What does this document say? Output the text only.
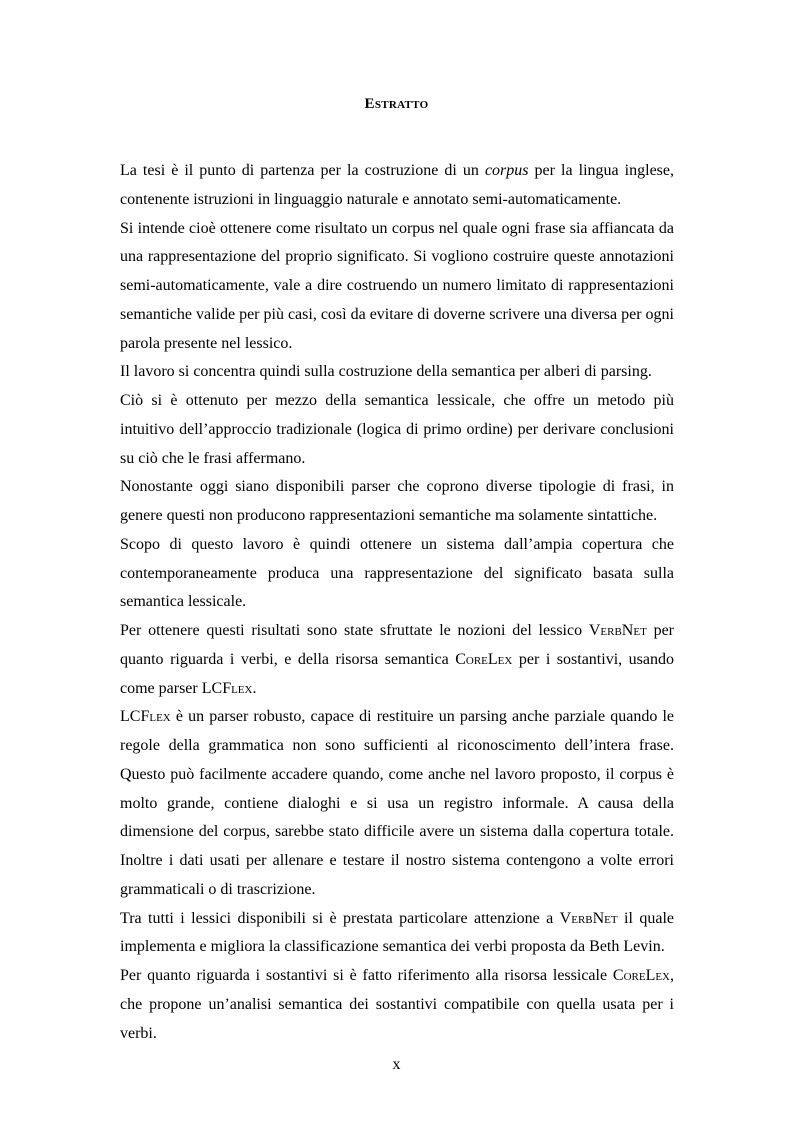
Estratto

La tesi è il punto di partenza per la costruzione di un corpus per la lingua inglese, contenente istruzioni in linguaggio naturale e annotato semi-automaticamente.

Si intende cioè ottenere come risultato un corpus nel quale ogni frase sia affiancata da una rappresentazione del proprio significato. Si vogliono costruire queste annotazioni semi-automaticamente, vale a dire costruendo un numero limitato di rappresentazioni semantiche valide per più casi, così da evitare di doverne scrivere una diversa per ogni parola presente nel lessico.

Il lavoro si concentra quindi sulla costruzione della semantica per alberi di parsing.

Ciò si è ottenuto per mezzo della semantica lessicale, che offre un metodo più intuitivo dell’approccio tradizionale (logica di primo ordine) per derivare conclusioni su ciò che le frasi affermano.

Nonostante oggi siano disponibili parser che coprono diverse tipologie di frasi, in genere questi non producono rappresentazioni semantiche ma solamente sintattiche.

Scopo di questo lavoro è quindi ottenere un sistema dall’ampia copertura che contemporaneamente produca una rappresentazione del significato basata sulla semantica lessicale.

Per ottenere questi risultati sono state sfruttate le nozioni del lessico VerbNet per quanto riguarda i verbi, e della risorsa semantica CoreLex per i sostantivi, usando come parser LCFlex.

LCFlex è un parser robusto, capace di restituire un parsing anche parziale quando le regole della grammatica non sono sufficienti al riconoscimento dell’intera frase. Questo può facilmente accadere quando, come anche nel lavoro proposto, il corpus è molto grande, contiene dialoghi e si usa un registro informale. A causa della dimensione del corpus, sarebbe stato difficile avere un sistema dalla copertura totale. Inoltre i dati usati per allenare e testare il nostro sistema contengono a volte errori grammaticali o di trascrizione.

Tra tutti i lessici disponibili si è prestata particolare attenzione a VerbNet il quale implementa e migliora la classificazione semantica dei verbi proposta da Beth Levin.

Per quanto riguarda i sostantivi si è fatto riferimento alla risorsa lessicale CoreLex, che propone un’analisi semantica dei sostantivi compatibile con quella usata per i verbi.

x
